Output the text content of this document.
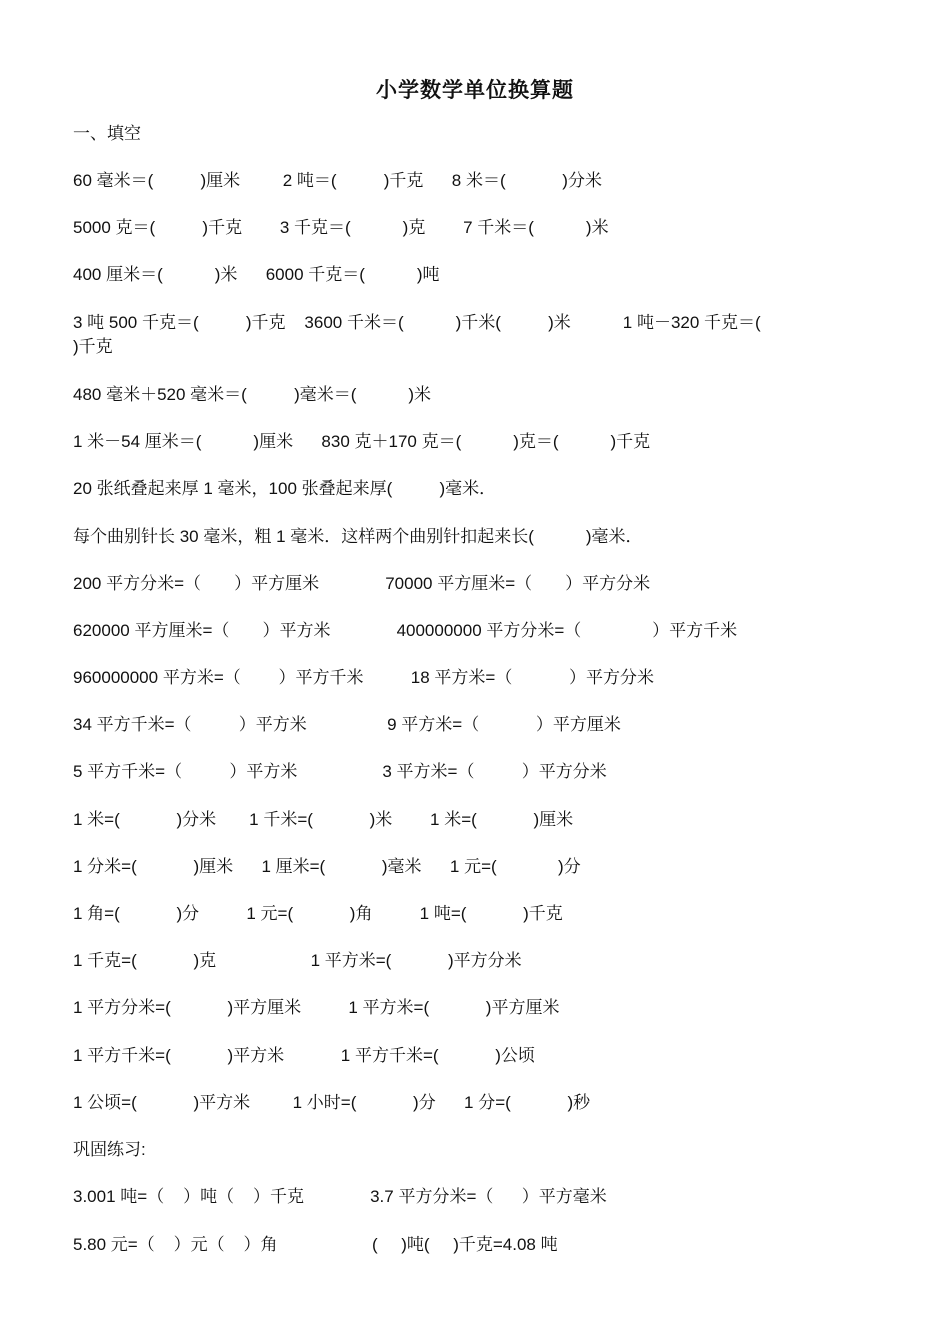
小学数学单位换算题
一、填空
60 毫米＝(          )厘米         2 吨＝(          )千克      8 米＝(            )分米
5000 克＝(          )千克        3 千克＝(           )克        7 千米＝(           )米
400 厘米＝(           )米      6000 千克＝(           )吨
3 吨 500 千克＝(          )千克    3600 千米＝(           )千米(          )米           1 吨－320 千克＝(
)千克
480 毫米＋520 毫米＝(          )毫米＝(           )米
1 米－54 厘米＝(           )厘米      830 克＋170 克＝(           )克＝(           )千克
20 张纸叠起来厚 1 毫米，100 张叠起来厚(          )毫米．
每个曲别针长 30 毫米，粗 1 毫米．这样两个曲别针扣起来长(           )毫米．
200 平方分米=（       ）平方厘米              70000 平方厘米=（       ）平方分米
620000 平方厘米=（       ）平方米              400000000 平方分米=（               ）平方千米
960000000 平方米=（        ）平方千米          18 平方米=（            ）平方分米
34 平方千米=（          ）平方米                 9 平方米=（            ）平方厘米
5 平方千米=（          ）平方米                  3 平方米=（          ）平方分米
1 米=(            )分米       1 千米=(            )米        1 米=(            )厘米
1 分米=(            )厘米      1 厘米=(            )毫米      1 元=(             )分
1 角=(            )分          1 元=(            )角          1 吨=(            )千克
1 千克=(            )克                    1 平方米=(            )平方分米
1 平方分米=(            )平方厘米          1 平方米=(            )平方厘米
1 平方千米=(            )平方米            1 平方千米=(            )公顷
1 公顷=(            )平方米         1 小时=(            )分      1 分=(            )秒
巩固练习:
3.001 吨=（    ）吨（    ）千克              3.7 平方分米=（      ）平方毫米
5.80 元=（    ）元（    ）角                    (     )吨(     )千克=4.08 吨
